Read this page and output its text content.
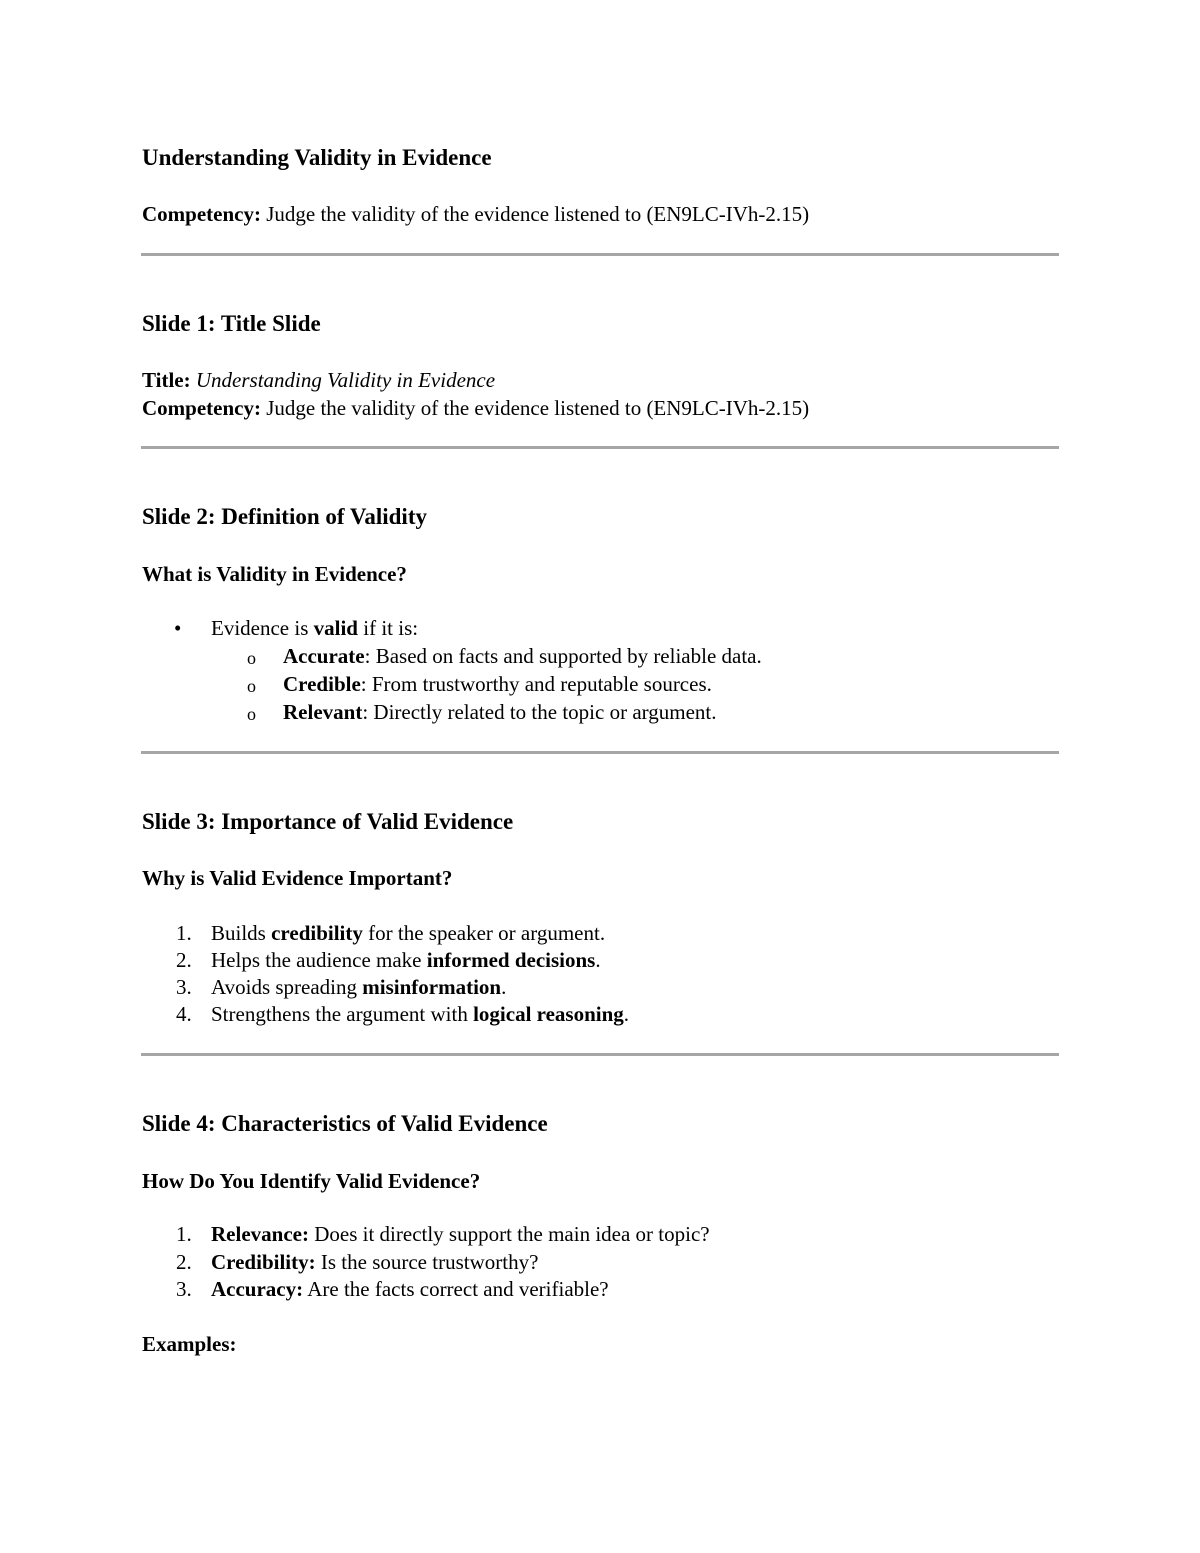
Understanding Validity in Evidence
Competency: Judge the validity of the evidence listened to (EN9LC-IVh-2.15)
Slide 1: Title Slide
Title: Understanding Validity in Evidence
Competency: Judge the validity of the evidence listened to (EN9LC-IVh-2.15)
Slide 2: Definition of Validity
What is Validity in Evidence?
• Evidence is valid if it is:
o Accurate: Based on facts and supported by reliable data.
o Credible: From trustworthy and reputable sources.
o Relevant: Directly related to the topic or argument.
Slide 3: Importance of Valid Evidence
Why is Valid Evidence Important?
1. Builds credibility for the speaker or argument.
2. Helps the audience make informed decisions.
3. Avoids spreading misinformation.
4. Strengthens the argument with logical reasoning.
Slide 4: Characteristics of Valid Evidence
How Do You Identify Valid Evidence?
1. Relevance: Does it directly support the main idea or topic?
2. Credibility: Is the source trustworthy?
3. Accuracy: Are the facts correct and verifiable?
Examples:
